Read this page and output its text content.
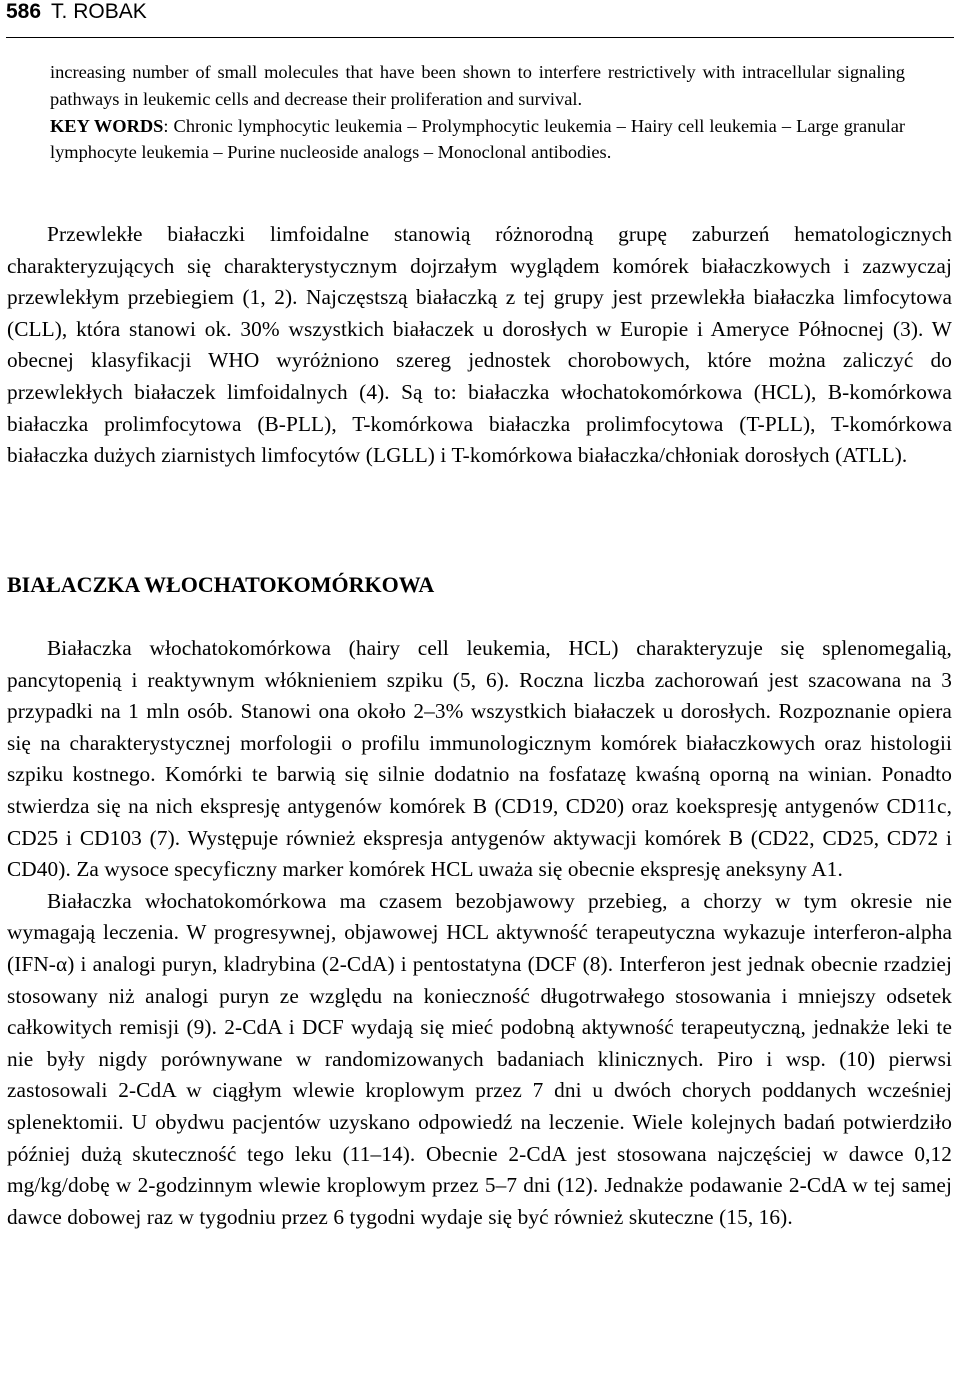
586 T. ROBAK

increasing number of small molecules that have been shown to interfere restrictively with intracellular signaling pathways in leukemic cells and decrease their proliferation and survival.

KEY WORDS: Chronic lymphocytic leukemia – Prolymphocytic leukemia – Hairy cell leukemia – Large granular lymphocyte leukemia – Purine nucleoside analogs – Monoclonal antibodies.

Przewlekłe białaczki limfoidalne stanowią różnorodną grupę zaburzeń hematologicznych charakteryzujących się charakterystycznym dojrzałym wyglądem komórek białaczkowych i zazwyczaj przewlekłym przebiegiem (1, 2). Najczęstszą białaczką z tej grupy jest przewlekła białaczka limfocytowa (CLL), która stanowi ok. 30% wszystkich białaczek u dorosłych w Europie i Ameryce Północnej (3). W obecnej klasyfikacji WHO wyróżniono szereg jednostek chorobowych, które można zaliczyć do przewlekłych białaczek limfoidalnych (4). Są to: białaczka włochatokomórkowa (HCL), B-komórkowa białaczka prolimfocytowa (B-PLL), T-komórkowa białaczka prolimfocytowa (T-PLL), T-komórkowa białaczka dużych ziarnistych limfocytów (LGLL) i T-komórkowa białaczka/chłoniak dorosłych (ATLL).

BIAŁACZKA WŁOCHATOKOMÓRKOWA

Białaczka włochatokomórkowa (hairy cell leukemia, HCL) charakteryzuje się splenomegalią, pancytopenią i reaktywnym włóknieniem szpiku (5, 6). Roczna liczba zachorowań jest szacowana na 3 przypadki na 1 mln osób. Stanowi ona około 2–3% wszystkich białaczek u dorosłych. Rozpoznanie opiera się na charakterystycznej morfologii o profilu immunologicznym komórek białaczkowych oraz histologii szpiku kostnego. Komórki te barwią się silnie dodatnio na fosfatazę kwaśną oporną na winian. Ponadto stwierdza się na nich ekspresję antygenów komórek B (CD19, CD20) oraz koekspresję antygenów CD11c, CD25 i CD103 (7). Występuje również ekspresja antygenów aktywacji komórek B (CD22, CD25, CD72 i CD40). Za wysoce specyficzny marker komórek HCL uważa się obecnie ekspresję aneksyny A1.

Białaczka włochatokomórkowa ma czasem bezobjawowy przebieg, a chorzy w tym okresie nie wymagają leczenia. W progresywnej, objawowej HCL aktywność terapeutyczna wykazuje interferon-alpha (IFN-α) i analogi puryn, kladrybina (2-CdA) i pentostatyna (DCF (8). Interferon jest jednak obecnie rzadziej stosowany niż analogi puryn ze względu na konieczność długotrwałego stosowania i mniejszy odsetek całkowitych remisji (9). 2-CdA i DCF wydają się mieć podobną aktywność terapeutyczną, jednakże leki te nie były nigdy porównywane w randomizowanych badaniach klinicznych. Piro i wsp. (10) pierwsi zastosowali 2-CdA w ciągłym wlewie kroplowym przez 7 dni u dwóch chorych poddanych wcześniej splenektomii. U obydwu pacjentów uzyskano odpowiedź na leczenie. Wiele kolejnych badań potwierdziło później dużą skuteczność tego leku (11–14). Obecnie 2-CdA jest stosowana najczęściej w dawce 0,12 mg/kg/dobę w 2-godzinnym wlewie kroplowym przez 5–7 dni (12). Jednakże podawanie 2-CdA w tej samej dawce dobowej raz w tygodniu przez 6 tygodni wydaje się być również skuteczne (15, 16).
